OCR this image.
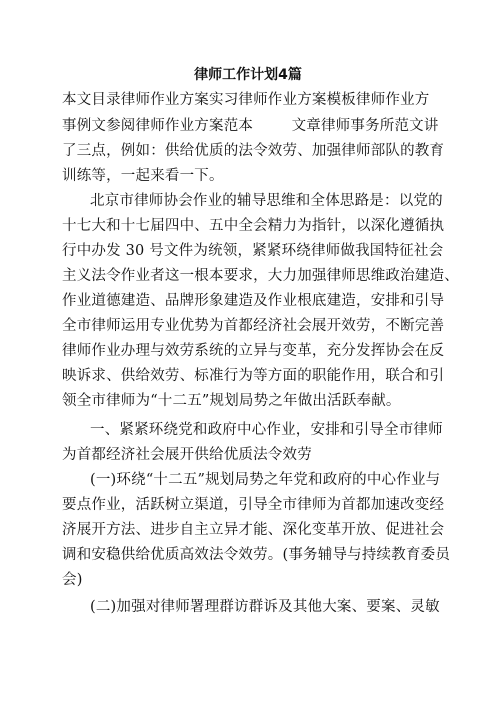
律师工作计划4篇
本文目录律师作业方案实习律师作业方案模板律师作业方
事例文参阅律师作业方案范本        文章律师事务所范文讲
了三点，例如：供给优质的法令效劳、加强律师部队的教育
训练等，一起来看一下。
北京市律师协会作业的辅导思维和全体思路是：以党的
十七大和十七届四中、五中全会精力为指针，以深化遵循执
行中办发 30 号文件为统领，紧紧环绕律师做我国特征社会
主义法令作业者这一根本要求，大力加强律师思维政治建造、
作业道德建造、品牌形象建造及作业根底建造，安排和引导
全市律师运用专业优势为首都经济社会展开效劳，不断完善
律师作业办理与效劳系统的立异与变革，充分发挥协会在反
映诉求、供给效劳、标准行为等方面的职能作用，联合和引
领全市律师为“十二五”规划局势之年做出活跃奉献。
一、紧紧环绕党和政府中心作业，安排和引导全市律师
为首都经济社会展开供给优质法令效劳
(一)环绕“十二五”规划局势之年党和政府的中心作业与
要点作业，活跃树立渠道，引导全市律师为首都加速改变经
济展开方法、进步自主立异才能、深化变革开放、促进社会
调和安稳供给优质高效法令效劳。(事务辅导与持续教育委员
会)
(二)加强对律师署理群访群诉及其他大案、要案、灵敏
